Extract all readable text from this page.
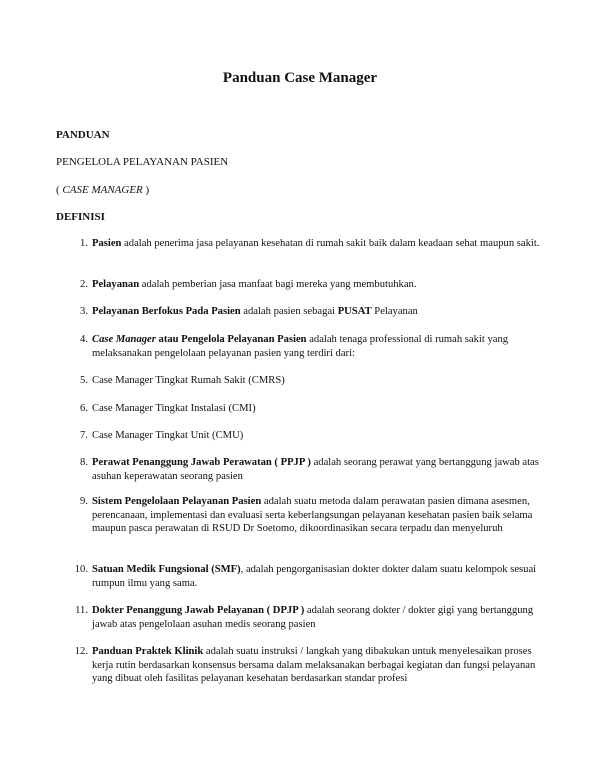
Panduan Case Manager

PANDUAN

PENGELOLA PELAYANAN PASIEN

( CASE MANAGER )

DEFINISI

1. Pasien adalah penerima jasa pelayanan kesehatan di rumah sakit baik dalam keadaan sehat maupun sakit.
2. Pelayanan adalah pemberian jasa manfaat bagi mereka yang membutuhkan.
3. Pelayanan Berfokus Pada Pasien adalah pasien sebagai PUSAT Pelayanan
4. Case Manager atau Pengelola Pelayanan Pasien adalah tenaga professional di rumah sakit yang melaksanakan pengelolaan pelayanan pasien yang terdiri dari:
5. Case Manager Tingkat Rumah Sakit (CMRS)
6. Case Manager Tingkat Instalasi (CMI)
7. Case Manager Tingkat Unit (CMU)
8. Perawat Penanggung Jawab Perawatan ( PPJP ) adalah seorang perawat yang bertanggung jawab atas asuhan keperawatan seorang pasien
9. Sistem Pengelolaan Pelayanan Pasien adalah suatu metoda dalam perawatan pasien dimana asesmen, perencanaan, implementasi dan evaluasi serta keberlangsungan pelayanan kesehatan pasien baik selama maupun pasca perawatan di RSUD Dr Soetomo, dikoordinasikan secara terpadu dan menyeluruh
10. Satuan Medik Fungsional (SMF), adalah pengorganisasian dokter dokter dalam suatu kelompok sesuai rumpun ilmu yang sama.
11. Dokter Penanggung Jawab Pelayanan ( DPJP ) adalah seorang dokter / dokter gigi yang bertanggung jawab atas pengelolaan asuhan medis seorang pasien
12. Panduan Praktek Klinik adalah suatu instruksi / langkah yang dibakukan untuk menyelesaikan proses kerja rutin berdasarkan konsensus bersama dalam melaksanakan berbagai kegiatan dan fungsi pelayanan yang dibuat oleh fasilitas pelayanan kesehatan berdasarkan standar profesi
